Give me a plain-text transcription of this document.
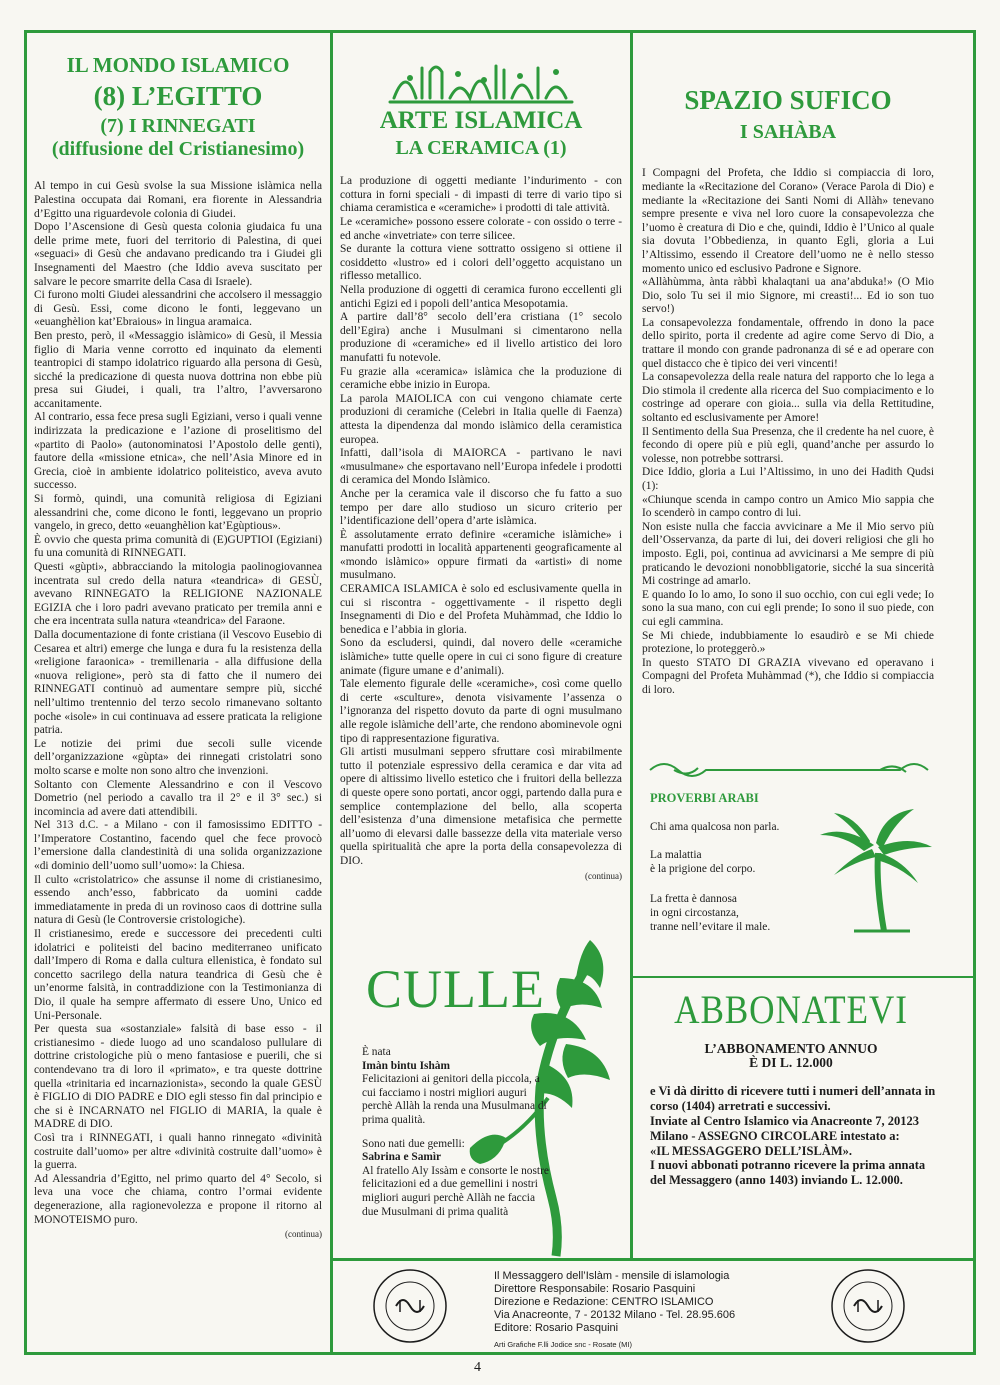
IL MONDO ISLAMICO
(8) L’EGITTO
(7) I RINNEGATI
(diffusione del Cristianesimo)

Al tempo in cui Gesù svolse la sua Missione islàmica nella Palestina occupata dai Romani, era fiorente in Alessandria d’Egitto una riguardevole colonia di Giudei.

Dopo l’Ascensione di Gesù questa colonia giudaica fu una delle prime mete, fuori del territorio di Palestina, di quei «seguaci» di Gesù che andavano predicando tra i Giudei gli Insegnamenti del Maestro (che Iddio aveva suscitato per salvare le pecore smarrite della Casa di Israele).

Ci furono molti Giudei alessandrini che accolsero il messaggio di Gesù. Essi, come dicono le fonti, leggevano un «euanghèlion kat’Ebraious» in lingua aramaica.

Ben presto, però, il «Messaggio islàmico» di Gesù, il Messia figlio di Maria venne corrotto ed inquinato da elementi teantropici di stampo idolatrico riguardo alla persona di Gesù, sicché la predicazione di questa nuova dottrina non ebbe più presa sui Giudei, i quali, tra l’altro, l’avversarono accanitamente.

Al contrario, essa fece presa sugli Egiziani, verso i quali venne indirizzata la predicazione e l’azione di proselitismo del «partito di Paolo» (autonominatosi l’Apostolo delle genti), fautore della «missione etnica», che nell’Asia Minore ed in Grecia, cioè in ambiente idolatrico politeistico, aveva avuto successo.

Si formò, quindi, una comunità religiosa di Egiziani alessandrini che, come dicono le fonti, leggevano un proprio vangelo, in greco, detto «euanghèlion kat’Egùptious».

È ovvio che questa prima comunità di (E)GUPTIOI (Egiziani) fu una comunità di RINNEGATI.

Questi «gùpti», abbracciando la mitologia paolinogiovannea incentrata sul credo della natura «teandrica» di GESÙ, avevano RINNEGATO la RELIGIONE NAZIONALE EGIZIA che i loro padri avevano praticato per tremila anni e che era incentrata sulla natura «teandrica» del Faraone.

Dalla documentazione di fonte cristiana (il Vescovo Eusebio di Cesarea et altri) emerge che lunga e dura fu la resistenza della «religione faraonica» - tremillenaria - alla diffusione della «nuova religione», però sta di fatto che il numero dei RINNEGATI continuò ad aumentare sempre più, sicché nell’ultimo trentennio del terzo secolo rimanevano soltanto poche «isole» in cui continuava ad essere praticata la religione patria.

Le notizie dei primi due secoli sulle vicende dell’organizzazione «gùpta» dei rinnegati cristolatri sono molto scarse e molte non sono altro che invenzioni.

Soltanto con Clemente Alessandrino e con il Vescovo Dometrio (nel periodo a cavallo tra il 2° e il 3° sec.) si incomincia ad avere dati attendibili.

Nel 313 d.C. - a Milano - con il famosissimo EDITTO - l’Imperatore Costantino, facendo quel che fece provocò l’emersione dalla clandestinità di una solida organizzazione «di dominio dell’uomo sull’uomo»: la Chiesa.

Il culto «cristolatrico» che assunse il nome di cristianesimo, essendo anch’esso, fabbricato da uomini cadde immediatamente in preda di un rovinoso caos di dottrine sulla natura di Gesù (le Controversie cristologiche).

Il cristianesimo, erede e successore dei precedenti culti idolatrici e politeisti del bacino mediterraneo unificato dall’Impero di Roma e dalla cultura ellenistica, è fondato sul concetto sacrilego della natura teandrica di Gesù che è un’enorme falsità, in contraddizione con la Testimonianza di Dio, il quale ha sempre affermato di essere Uno, Unico ed Uni-Personale.

Per questa sua «sostanziale» falsità di base esso - il cristianesimo - diede luogo ad uno scandaloso pullulare di dottrine cristologiche più o meno fantasiose e puerili, che si contendevano tra di loro il «primato», e tra queste dottrine quella «trinitaria ed incarnazionista», secondo la quale GESÙ è FIGLIO di DIO PADRE e DIO egli stesso fin dal principio e che si è INCARNATO nel FIGLIO di MARIA, la quale è MADRE di DIO.

Così tra i RINNEGATI, i quali hanno rinnegato «divinità costruite dall’uomo» per altre «divinità costruite dall’uomo» è la guerra.

Ad Alessandria d’Egitto, nel primo quarto del 4° Secolo, si leva una voce che chiama, contro l’ormai evidente degenerazione, alla ragionevolezza e propone il ritorno al MONOTEISMO puro.

(continua)
ARTE ISLAMICA
LA CERAMICA (1)

La produzione di oggetti mediante l’indurimento - con cottura in forni speciali - di impasti di terre di vario tipo si chiama ceramistica e «ceramiche» i prodotti di tale attività.

Le «ceramiche» possono essere colorate - con ossido o terre - ed anche «invetriate» con terre silicee.

Se durante la cottura viene sottratto ossigeno si ottiene il cosiddetto «lustro» ed i colori dell’oggetto acquistano un riflesso metallico.

Nella produzione di oggetti di ceramica furono eccellenti gli antichi Egizi ed i popoli dell’antica Mesopotamia.

A partire dall’8° secolo dell’era cristiana (1° secolo dell’Egira) anche i Musulmani si cimentarono nella produzione di «ceramiche» ed il livello artistico dei loro manufatti fu notevole.

Fu grazie alla «ceramica» islàmica che la produzione di ceramiche ebbe inizio in Europa.

La parola MAIOLICA con cui vengono chiamate certe produzioni di ceramiche (Celebri in Italia quelle di Faenza) attesta la dipendenza dal mondo islàmico della ceramistica europea.

Infatti, dall’isola di MAIORCA - partivano le navi «musulmane» che esportavano nell’Europa infedele i prodotti di ceramica del Mondo Islàmico.

Anche per la ceramica vale il discorso che fu fatto a suo tempo per dare allo studioso un sicuro criterio per l’identificazione dell’opera d’arte islàmica.

È assolutamente errato definire «ceramiche islàmiche» i manufatti prodotti in località appartenenti geograficamente al «mondo islàmico» oppure firmati da «artisti» di nome musulmano.

CERAMICA ISLAMICA è solo ed esclusivamente quella in cui si riscontra - oggettivamente - il rispetto degli Insegnamenti di Dio e del Profeta Muhàmmad, che Iddio lo benedica e l’abbia in gloria.

Sono da escludersi, quindi, dal novero delle «ceramiche islàmiche» tutte quelle opere in cui ci sono figure di creature animate (figure umane e d’animali).

Tale elemento figurale delle «ceramiche», così come quello di certe «sculture», denota visivamente l’assenza o l’ignoranza del rispetto dovuto da parte di ogni musulmano alle regole islàmiche dell’arte, che rendono abominevole ogni tipo di rappresentazione figurativa.

Gli artisti musulmani seppero sfruttare così mirabilmente tutto il potenziale espressivo della ceramica e dar vita ad opere di altissimo livello estetico che i fruitori della bellezza di queste opere sono portati, ancor oggi, partendo dalla pura e semplice contemplazione del bello, alla scoperta dell’esistenza d’una dimensione metafisica che permette all’uomo di elevarsi dalle bassezze della vita materiale verso quella spiritualità che apre la porta della consapevolezza di DIO.

(continua)
CULLE

È nata

Imàn bintu Ishàm

Felicitazioni ai genitori della piccola, a cui facciamo i nostri migliori auguri perchè Allàh la renda una Musulmana di prima qualità.

Sono nati due gemelli:

Sabrina e Samìr

Al fratello Aly Issàm e consorte le nostre felicitazioni ed a due gemellini i nostri migliori auguri perchè Allàh ne faccia due Musulmani di prima qualità

SPAZIO SUFICO
I SAHÀBA

I Compagni del Profeta, che Iddio si compiaccia di loro, mediante la «Recitazione del Corano» (Verace Parola di Dio) e mediante la «Recitazione dei Santi Nomi di Allàh» tenevano sempre presente e viva nel loro cuore la consapevolezza che l’uomo è creatura di Dio e che, quindi, Iddio è l’Unico al quale sia dovuta l’Obbedienza, in quanto Egli, gloria a Lui l’Altissimo, essendo il Creatore dell’uomo ne è nello stesso momento unico ed esclusivo Padrone e Signore.

«Allàhùmma, ànta ràbbì khalaqtani ua ana’abduka!» (O Mio Dio, solo Tu sei il mio Signore, mi creasti!... Ed io son tuo servo!)

La consapevolezza fondamentale, offrendo in dono la pace dello spirito, porta il credente ad agire come Servo di Dio, a trattare il mondo con grande padronanza di sé e ad operare con quel distacco che è tipico dei veri vincenti!

La consapevolezza della reale natura del rapporto che lo lega a Dio stimola il credente alla ricerca del Suo compiacimento e lo costringe ad operare con gioia... sulla via della Rettitudine, soltanto ed esclusivamente per Amore!

Il Sentimento della Sua Presenza, che il credente ha nel cuore, è fecondo di opere più e più egli, quand’anche per assurdo lo volesse, non potrebbe sottrarsi.

Dice Iddio, gloria a Lui l’Altissimo, in uno dei Hadith Qudsi (1):

«Chiunque scenda in campo contro un Amico Mio sappia che Io scenderò in campo contro di lui.

Non esiste nulla che faccia avvicinare a Me il Mio servo più dell’Osservanza, da parte di lui, dei doveri religiosi che gli ho imposto. Egli, poi, continua ad avvicinarsi a Me sempre di più praticando le devozioni nonobbligatorie, sicché la sua sincerità Mi costringe ad amarlo.

E quando Io lo amo, Io sono il suo occhio, con cui egli vede; Io sono la sua mano, con cui egli prende; Io sono il suo piede, con cui egli cammina.

Se Mi chiede, indubbiamente lo esaudirò e se Mi chiede protezione, lo proteggerò.»

In questo STATO DI GRAZIA vivevano ed operavano i Compagni del Profeta Muhàmmad (*), che Iddio si compiaccia di loro.

PROVERBI ARABI
Chi ama qualcosa non parla.
La malattia
è la prigione del corpo.
La fretta è dannosa
in ogni circostanza,
tranne nell’evitare il male.
ABBONATEVI
L’ABBONAMENTO ANNUO
È DI L. 12.000
e Vi dà diritto di ricevere tutti i numeri dell’annata in corso (1404) arretrati e successivi.
Inviate al Centro Islamico via Anacreonte 7, 20123 Milano - ASSEGNO CIRCOLARE intestato a:
«IL MESSAGGERO DELL’ISLÀM».
I nuovi abbonati potranno ricevere la prima annata del Messaggero (anno 1403) inviando L. 12.000.
Il Messaggero dell’Islàm - mensile di islamologia
Direttore Responsabile: Rosario Pasquini
Direzione e Redazione: CENTRO ISLAMICO
Via Anacreonte, 7 - 20132 Milano - Tel. 28.95.606
Editore: Rosario Pasquini
Arti Grafiche F.lli Jodice snc - Rosate (MI)
4
